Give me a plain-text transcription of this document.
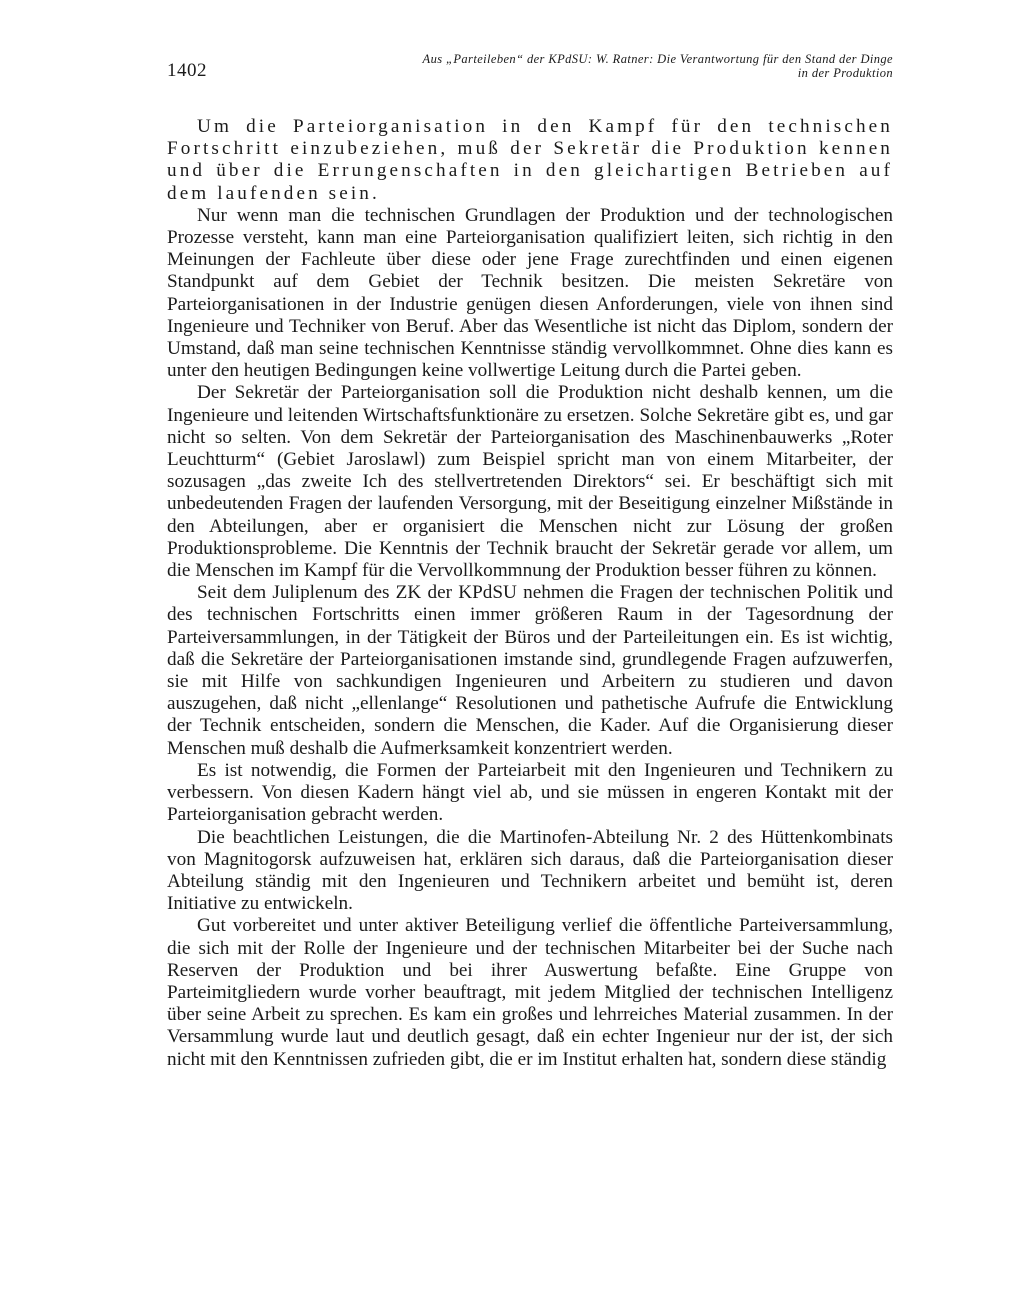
1402
Aus „Parteileben“ der KPdSU: W. Ratner: Die Verantwortung für den Stand der Dinge
in der Produktion

Um die Parteiorganisation in den Kampf für den technischen Fortschritt einzubeziehen, muß der Sekretär die Produktion kennen und über die Errungenschaften in den gleichartigen Betrieben auf dem laufenden sein.

Nur wenn man die technischen Grundlagen der Produktion und der technologischen Prozesse versteht, kann man eine Parteiorganisation qualifiziert leiten, sich richtig in den Meinungen der Fachleute über diese oder jene Frage zurechtfinden und einen eigenen Standpunkt auf dem Gebiet der Technik besitzen. Die meisten Sekretäre von Parteiorganisationen in der Industrie genügen diesen Anforderungen, viele von ihnen sind Ingenieure und Techniker von Beruf. Aber das Wesentliche ist nicht das Diplom, sondern der Umstand, daß man seine technischen Kenntnisse ständig vervollkommnet. Ohne dies kann es unter den heutigen Bedingungen keine vollwertige Leitung durch die Partei geben.

Der Sekretär der Parteiorganisation soll die Produktion nicht deshalb kennen, um die Ingenieure und leitenden Wirtschaftsfunktionäre zu ersetzen. Solche Sekretäre gibt es, und gar nicht so selten. Von dem Sekretär der Parteiorganisation des Maschinenbauwerks „Roter Leuchtturm“ (Gebiet Jaroslawl) zum Beispiel spricht man von einem Mitarbeiter, der sozusagen „das zweite Ich des stellvertretenden Direktors“ sei. Er beschäftigt sich mit unbedeutenden Fragen der laufenden Versorgung, mit der Beseitigung einzelner Mißstände in den Abteilungen, aber er organisiert die Menschen nicht zur Lösung der großen Produktionsprobleme. Die Kenntnis der Technik braucht der Sekretär gerade vor allem, um die Menschen im Kampf für die Vervollkommnung der Produktion besser führen zu können.

Seit dem Juliplenum des ZK der KPdSU nehmen die Fragen der technischen Politik und des technischen Fortschritts einen immer größeren Raum in der Tagesordnung der Parteiversammlungen, in der Tätigkeit der Büros und der Parteileitungen ein. Es ist wichtig, daß die Sekretäre der Parteiorganisationen imstande sind, grundlegende Fragen aufzuwerfen, sie mit Hilfe von sachkundigen Ingenieuren und Arbeitern zu studieren und davon auszugehen, daß nicht „ellenlange“ Resolutionen und pathetische Aufrufe die Entwicklung der Technik entscheiden, sondern die Menschen, die Kader. Auf die Organisierung dieser Menschen muß deshalb die Aufmerksamkeit konzentriert werden.

Es ist notwendig, die Formen der Parteiarbeit mit den Ingenieuren und Technikern zu verbessern. Von diesen Kadern hängt viel ab, und sie müssen in engeren Kontakt mit der Parteiorganisation gebracht werden.

Die beachtlichen Leistungen, die die Martinofen-Abteilung Nr. 2 des Hüttenkombinats von Magnitogorsk aufzuweisen hat, erklären sich daraus, daß die Parteiorganisation dieser Abteilung ständig mit den Ingenieuren und Technikern arbeitet und bemüht ist, deren Initiative zu entwickeln.

Gut vorbereitet und unter aktiver Beteiligung verlief die öffentliche Parteiversammlung, die sich mit der Rolle der Ingenieure und der technischen Mitarbeiter bei der Suche nach Reserven der Produktion und bei ihrer Auswertung befaßte. Eine Gruppe von Parteimitgliedern wurde vorher beauftragt, mit jedem Mitglied der technischen Intelligenz über seine Arbeit zu sprechen. Es kam ein großes und lehrreiches Material zusammen. In der Versammlung wurde laut und deutlich gesagt, daß ein echter Ingenieur nur der ist, der sich nicht mit den Kenntnissen zufrieden gibt, die er im Institut erhalten hat, sondern diese ständig
